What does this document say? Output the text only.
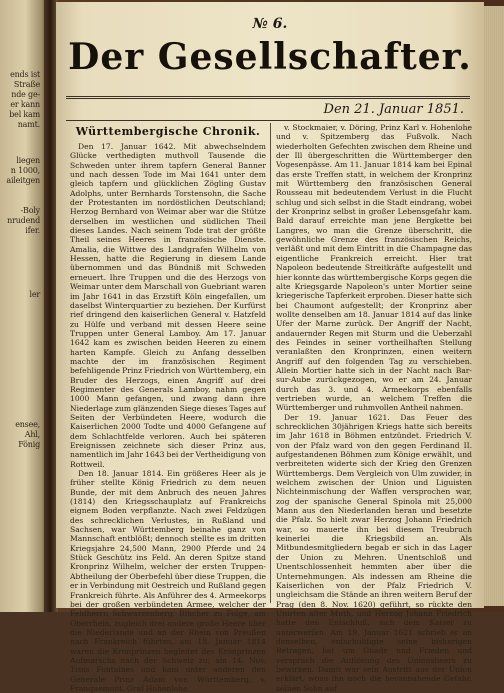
ends ist
Straße
nde ge-
er kann
bel kam
namt.
liegen
n 1000,
aileitgen
-Boly
nrudend
ifer.
ler
ensee,
Ahl,
Fönig
№ 6.
Der Gesellschafter.
Den 21. Januar 1851.
Württembergische Chronik.

Den 17. Januar 1642. Mit abwechselndem Glücke verthedigten muthvoll Tausende die Schweden unter ihrem tapfern General Banner und nach dessen Tode im Mai 1641 unter dem gleich tapfern und glücklichen Zögling Gustav Adolphs, unter Bernhards Torstensohn, die Sache der Protestanten im nordöstlichen Deutschland; Herzog Bernhard von Weimar aber war die Stütze derselben im westlichen und südlichen Theil dieses Landes. Nach seinem Tode trat der größte Theil seines Heeres in französische Dienste. Amalia, die Wittwe des Landgrafen Wilhelm von Hessen, hatte die Regierung in diesem Lande übernommen und das Bündniß mit Schweden erneuert. Ihre Truppen und die des Herzogs von Weimar unter dem Marschall von Guebriant waren im Jahr 1641 in das Erzstift Köln eingefallen, um daselbst Winterquartier zu beziehen. Der Kurfürst rief dringend den kaiserlichen General v. Hatzfeld zu Hülfe und verband mit dessen Heere seine Truppen unter General Lamboy. Am 17. Januar 1642 kam es zwischen beiden Heeren zu einem harten Kampfe. Gleich zu Anfang desselben machte der im französischen Regiment befehligende Prinz Friedrich von Württemberg, ein Bruder des Herzogs, einen Angriff auf drei Regimenter des Generals Lamboy, nahm gegen 1000 Mann gefangen, und zwang dann ihre Niederlage zum glänzenden Siege dieses Tages auf Seiten der Verbündeten Heere, wodurch die Kaiserlichen 2000 Todte und 4000 Gefangene auf dem Schlachtfelde verloren. Auch bei späteren Ereignissen zeichnete sich dieser Prinz aus, namentlich im Jahr 1643 bei der Vertheidigung von Rottweil.

Den 18. Januar 1814. Ein größeres Heer als je früher stellte König Friedrich zu dem neuen Bunde, der mit dem Anbruch des neuen Jahres (1814) den Kriegsschauplatz auf Frankreichs eignem Boden verpflanzte. Nach zwei Feldzügen des schrecklichen Verlustes, in Rußland und Sachsen, war Württemberg beinahe ganz von Mannschaft entblößt; dennoch stellte es im dritten Kriegsjahre 24,500 Mann, 2900 Pferde und 24 Stück Geschütz ins Feld. An deren Spitze stand Kronprinz Wilhelm, welcher der ersten Truppen-Abtheilung der Oberbefehl über diese Truppen, die er in Verbindung mit Oestreich und Rußland gegen Frankreich führte. Als Anführer des 4. Armeekorps bei der großen verbündeten Armee, welcher der Feldherrn Schwarzenberg, Blücher zu Folge, am Oberrhein, zugleich drei andere große Heere über die Niederlande und an der Rhein von Preußen nach Frankreich führten, am 18. Januar 1814 waren die Kronprinzen begleitet des Kronprinzen Aufmarschs nach der Schweiz zu; am 14. Nov. Trois Fontaines und kam unter anderen den Generale Prinz Adam von Württemberg, v. Franquemont, Graf Hohenlohe.

v. Stockmaier, v. Döring, Prinz Karl v. Hohenlohe und v. Spitzemberg das Fußvolk. Nach wiederholten Gefechten zwischen dem Rheine und der Ill übergeschritten die Württemberger den Vogesenpässe. Am 11. Januar 1814 kam bei Epinal das erste Treffen statt, in welchem der Kronprinz mit Württemberg den französischen General Rousseau mit bedeutendem Verlust in die Flucht schlug und sich selbst in die Stadt eindrang, wobei der Kronprinz selbst in großer Lebensgefahr kam. Bald darauf erreichte man jene Bergkette bei Langres, wo man die Grenze überschritt, die gewöhnliche Grenze des französischen Reichs, verläßt und mit dem Eintritt in die Champagne das eigentliche Frankreich erreicht. Hier trat Napoleon bedeutende Streitkräfte aufgestellt und hier konnte das württembergische Korps gegen die alte Kriegsgarde Napoleon's unter Mortier seine kriegerische Tapferkeit erproben. Dieser hatte sich bei Chaumont aufgestellt; der Kronprinz aber wollte denselben am 18. Januar 1814 auf das linke Ufer der Marne zurück. Der Angriff der Nacht, andauernder Regen mit Sturm und die Ueberzahl des Feindes in seiner vortheilhaften Stellung veranlaßten den Kronprinzen, einen weitern Angriff auf den folgenden Tag zu verschieben. Allein Mortier hatte sich in der Nacht nach Bar-sur-Aube zurückgezogen, wo er am 24. Januar durch das 3. und 4. Armeekorps ebenfalls vertrieben wurde, an welchem Treffen die Württemberger und ruhmvollen Antheil nahmen.

Der 19. Januar 1621. Das Feuer des schrecklichen 30jährigen Kriegs hatte sich bereits im Jahr 1618 in Böhmen entzündet. Friedrich V. von der Pfalz ward von den gegen Ferdinand II. aufgestandenen Böhmen zum Könige erwählt, und verbreiteten widerte sich der Krieg den Grenzen Württembergs. Dem Vergleich von Ulm zuwider, in welchem zwischen der Union und Liguisten Nichteinmischung der Waffen versprochen war, zog der spanische General Spinola mit 25,000 Mann aus den Niederlanden heran und besetzte die Pfalz. So hielt zwar Herzog Johann Friedrich war, so mauerte ihn bei diesem Treubruch keinerlei die Kriegsbild an. Als Mitbundesmitgliedern begab er sich in das Lager der Union zu Mehren. Unentschloß und Unentschlossenheit hemmten aber über die Unternehmungen. Als indessen am Rheine die Kaiserlichen von der Pfalz Friedrich V. ungleichsam die Stände an ihren weitern Beruf der Prag (den 8. Nov. 1620) geführt, so rückte den Unirten alter Muth, und Herzog Johann Friedrich hatte den Entschluß, sich dem Kaiser zu unterwerfen. Am 19. Januar 1621 schrieb er an denselben, entschuldigte seine bisherigen Betragen, bat um Gnade und Frieden und versprach die Auflösung des Unionsheers zu bewirken. Damit war sein Austritt aus der Union erklärt, wozu ihn noch die herannahende Gefahr, seinen Sohn auf
